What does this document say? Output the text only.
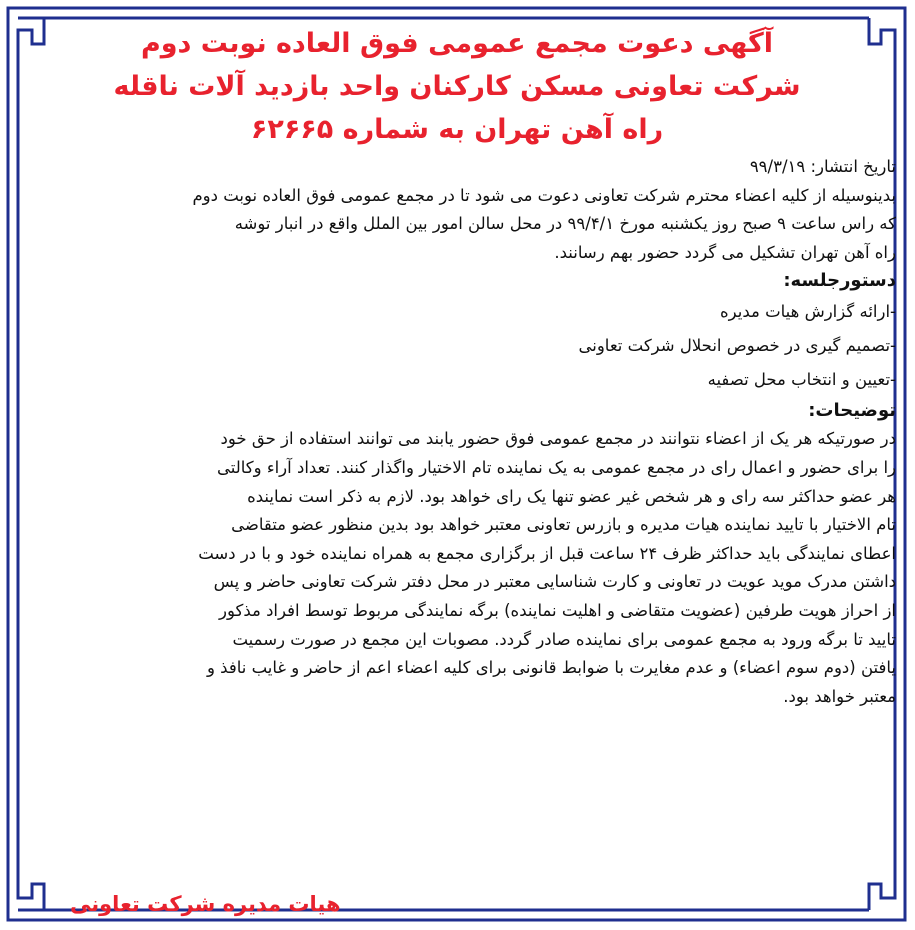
آگهی دعوت مجمع عمومی فوق العاده نوبت دوم

شرکت تعاونی مسکن کارکنان واحد بازدید آلات ناقله

راه آهن تهران به شماره ۶۲۶۶۵

تاریخ انتشار: ۹۹/۳/۱۹
بدینوسیله از کلیه اعضاء محترم شرکت تعاونی دعوت می شود تا در مجمع عمومی فوق العاده نوبت دوم
که راس ساعت ۹ صبح روز یکشنبه مورخ ۹۹/۴/۱ در محل سالن امور بین الملل واقع در انبار توشه
راه آهن تهران تشکیل می گردد حضور بهم رسانند.
دستورجلسه:
-ارائه گزارش هیات مدیره
-تصمیم گیری در خصوص انحلال شرکت تعاونی
-تعیین و انتخاب محل تصفیه
توضیحات:
در صورتیکه هر یک از اعضاء نتوانند در مجمع عمومی فوق حضور یابند می توانند استفاده از حق خود
را برای حضور و اعمال رای در مجمع عمومی به یک نماینده تام الاختیار واگذار کنند. تعداد آراء وکالتی
هر عضو حداکثر سه رای و هر شخص غیر عضو تنها یک رای خواهد بود. لازم به ذکر است نماینده
تام الاختیار با تایید نماینده هیات مدیره و بازرس تعاونی معتبر خواهد بود بدین منظور عضو متقاضی
اعطای نمایندگی باید حداکثر ظرف ۲۴ ساعت قبل از برگزاری مجمع به همراه نماینده خود و با در دست
داشتن مدرک موید عویت در تعاونی و کارت شناسایی معتبر در محل دفتر شرکت تعاونی حاضر و پس
از احراز هویت طرفین (عضویت متقاضی و اهلیت نماینده) برگه نمایندگی مربوط توسط افراد مذکور
تایید تا برگه ورود به مجمع عمومی برای نماینده صادر گردد. مصوبات این مجمع در صورت رسمیت
یافتن (دوم سوم اعضاء) و عدم مغایرت با ضوابط قانونی برای کلیه اعضاء اعم از حاضر و غایب نافذ و
معتبر خواهد بود.
هیات مدیره شرکت تعاونی
